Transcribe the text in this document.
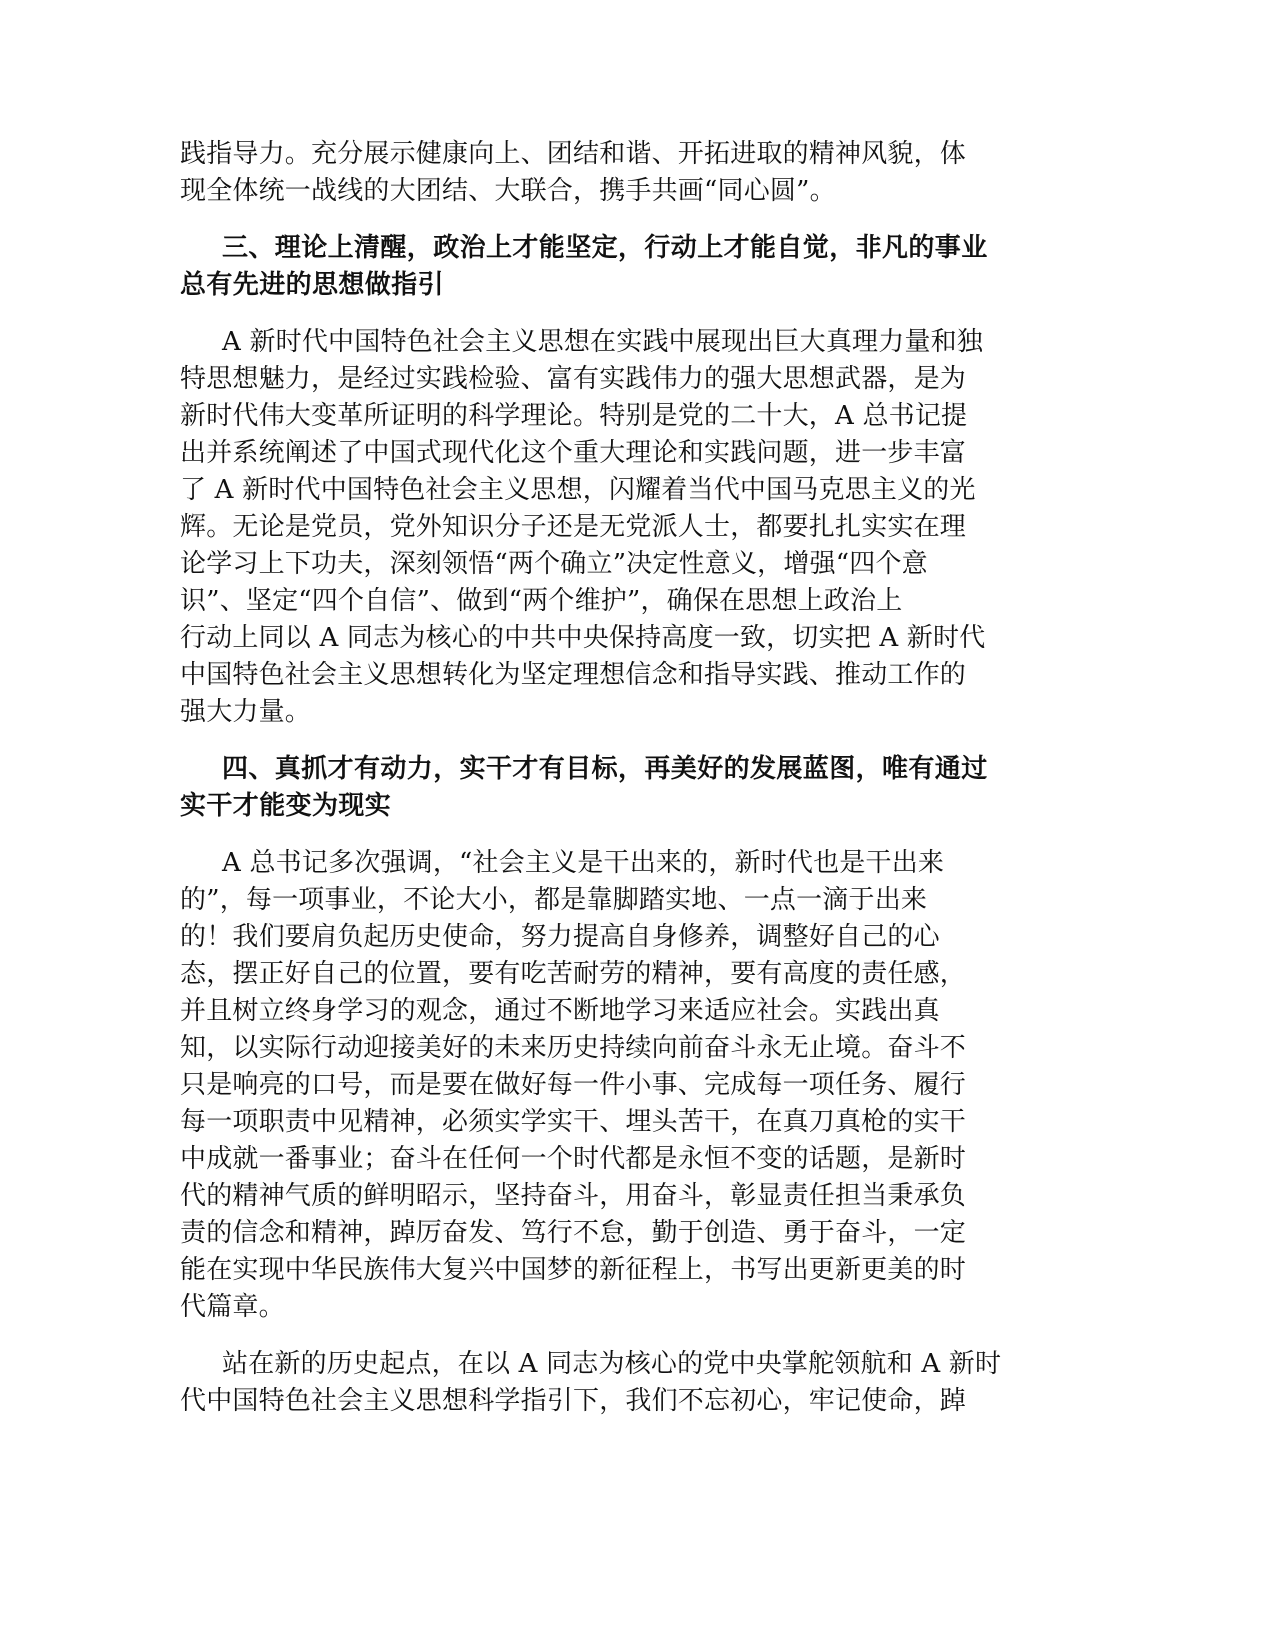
践指导力。充分展示健康向上、团结和谐、开拓进取的精神风貌，体
现全体统一战线的大团结、大联合，携手共画“同心圆”。
三、理论上清醒，政治上才能坚定，行动上才能自觉，非凡的事业
总有先进的思想做指引
A 新时代中国特色社会主义思想在实践中展现出巨大真理力量和独
特思想魅力，是经过实践检验、富有实践伟力的强大思想武器，是为
新时代伟大变革所证明的科学理论。特别是党的二十大，A 总书记提
出并系统阐述了中国式现代化这个重大理论和实践问题，进一步丰富
了 A 新时代中国特色社会主义思想，闪耀着当代中国马克思主义的光
辉。无论是党员，党外知识分子还是无党派人士，都要扎扎实实在理
论学习上下功夫，深刻领悟“两个确立”决定性意义，增强“四个意
识”、坚定“四个自信”、做到“两个维护”，确保在思想上政治上
行动上同以 A 同志为核心的中共中央保持高度一致，切实把 A 新时代
中国特色社会主义思想转化为坚定理想信念和指导实践、推动工作的
强大力量。
四、真抓才有动力，实干才有目标，再美好的发展蓝图，唯有通过
实干才能变为现实
A 总书记多次强调，“社会主义是干出来的，新时代也是干出来
的”，每一项事业，不论大小，都是靠脚踏实地、一点一滴于出来
的！我们要肩负起历史使命，努力提高自身修养，调整好自己的心
态，摆正好自己的位置，要有吃苦耐劳的精神，要有高度的责任感，
并且树立终身学习的观念，通过不断地学习来适应社会。实践出真
知，以实际行动迎接美好的未来历史持续向前奋斗永无止境。奋斗不
只是响亮的口号，而是要在做好每一件小事、完成每一项任务、履行
每一项职责中见精神，必须实学实干、埋头苦干，在真刀真枪的实干
中成就一番事业；奋斗在任何一个时代都是永恒不变的话题，是新时
代的精神气质的鲜明昭示，坚持奋斗，用奋斗，彰显责任担当秉承负
责的信念和精神，踔厉奋发、笃行不怠，勤于创造、勇于奋斗，一定
能在实现中华民族伟大复兴中国梦的新征程上，书写出更新更美的时
代篇章。
站在新的历史起点，在以 A 同志为核心的党中央掌舵领航和 A 新时
代中国特色社会主义思想科学指引下，我们不忘初心，牢记使命，踔
